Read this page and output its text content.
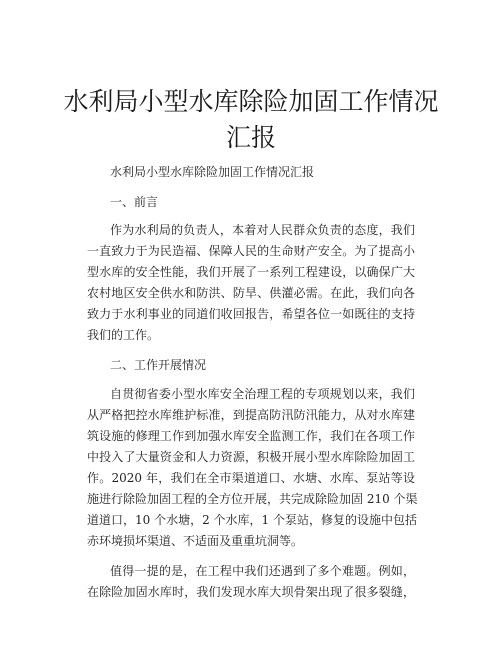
水利局小型水库除险加固工作情况
汇报
水利局小型水库除险加固工作情况汇报
一、前言
作为水利局的负责人，本着对人民群众负责的态度，我们
一直致力于为民造福、保障人民的生命财产安全。为了提高小
型水库的安全性能，我们开展了一系列工程建设，以确保广大
农村地区安全供水和防洪、防旱、供灌必需。在此，我们向各
致力于水利事业的同道们收回报告，希望各位一如既往的支持
我们的工作。
二、工作开展情况
自贯彻省委小型水库安全治理工程的专项规划以来，我们
从严格把控水库维护标准，到提高防汛防汛能力，从对水库建
筑设施的修理工作到加强水库安全监测工作，我们在各项工作
中投入了大量资金和人力资源，积极开展小型水库除险加固工
作。2020 年，我们在全市渠道道口、水塘、水库、泵站等设
施进行除险加固工程的全方位开展，共完成除险加固 210 个渠
道道口，10 个水塘，2 个水库，1 个泵站，修复的设施中包括
赤环境损坏渠道、不适面及重重坑洞等。
值得一提的是，在工程中我们还遇到了多个难题。例如，
在除险加固水库时，我们发现水库大坝骨架出现了很多裂缝，
